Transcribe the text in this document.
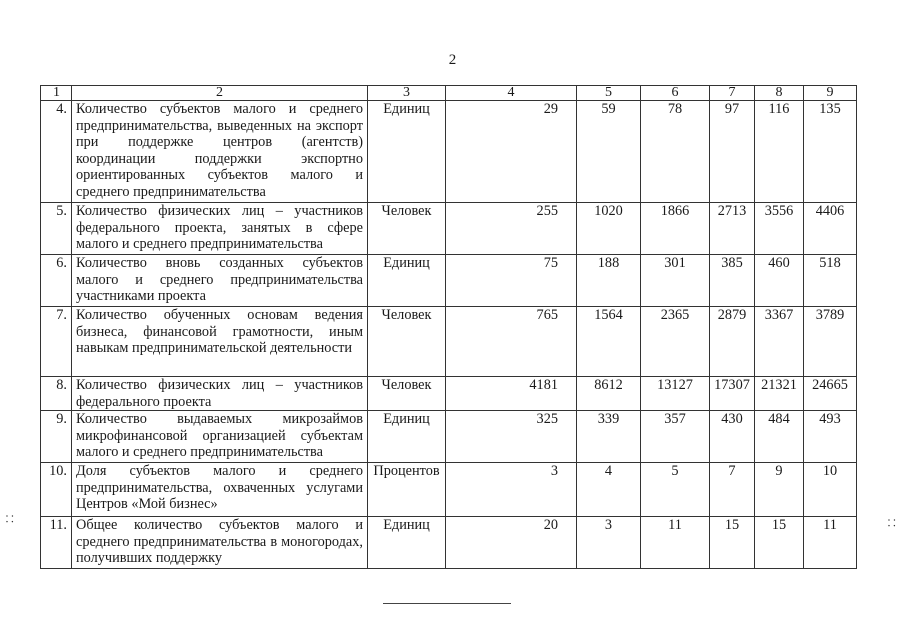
2
1	2	3	4	5	6	7	8	9
4.	Количество субъектов малого и среднего предпринимательства, выведенных на экспорт при поддержке центров (агентств) координации поддержки экспортно ориентированных субъектов малого и среднего предпринимательства	Единиц	29	59	78	97	116	135
5.	Количество физических лиц – участников федерального проекта, занятых в сфере малого и среднего предпринимательства	Человек	255	1020	1866	2713	3556	4406
6.	Количество вновь созданных субъектов малого и среднего предпринимательства участниками проекта	Единиц	75	188	301	385	460	518
7.	Количество обученных основам ведения бизнеса, финансовой грамотности, иным навыкам предпринимательской деятельности	Человек	765	1564	2365	2879	3367	3789
8.	Количество физических лиц – участников федерального проекта	Человек	4181	8612	13127	17307	21321	24665
9.	Количество выдаваемых микрозаймов микрофинансовой организацией субъектам малого и среднего предпринимательства	Единиц	325	339	357	430	484	493
10.	Доля субъектов малого и среднего предпринимательства, охваченных услугами Центров «Мой бизнес»	Процентов	3	4	5	7	9	10
11.	Общее количество субъектов малого и среднего предпринимательства в моногородах, получивших поддержку	Единиц	20	3	11	15	15	11
⸬	⸬
